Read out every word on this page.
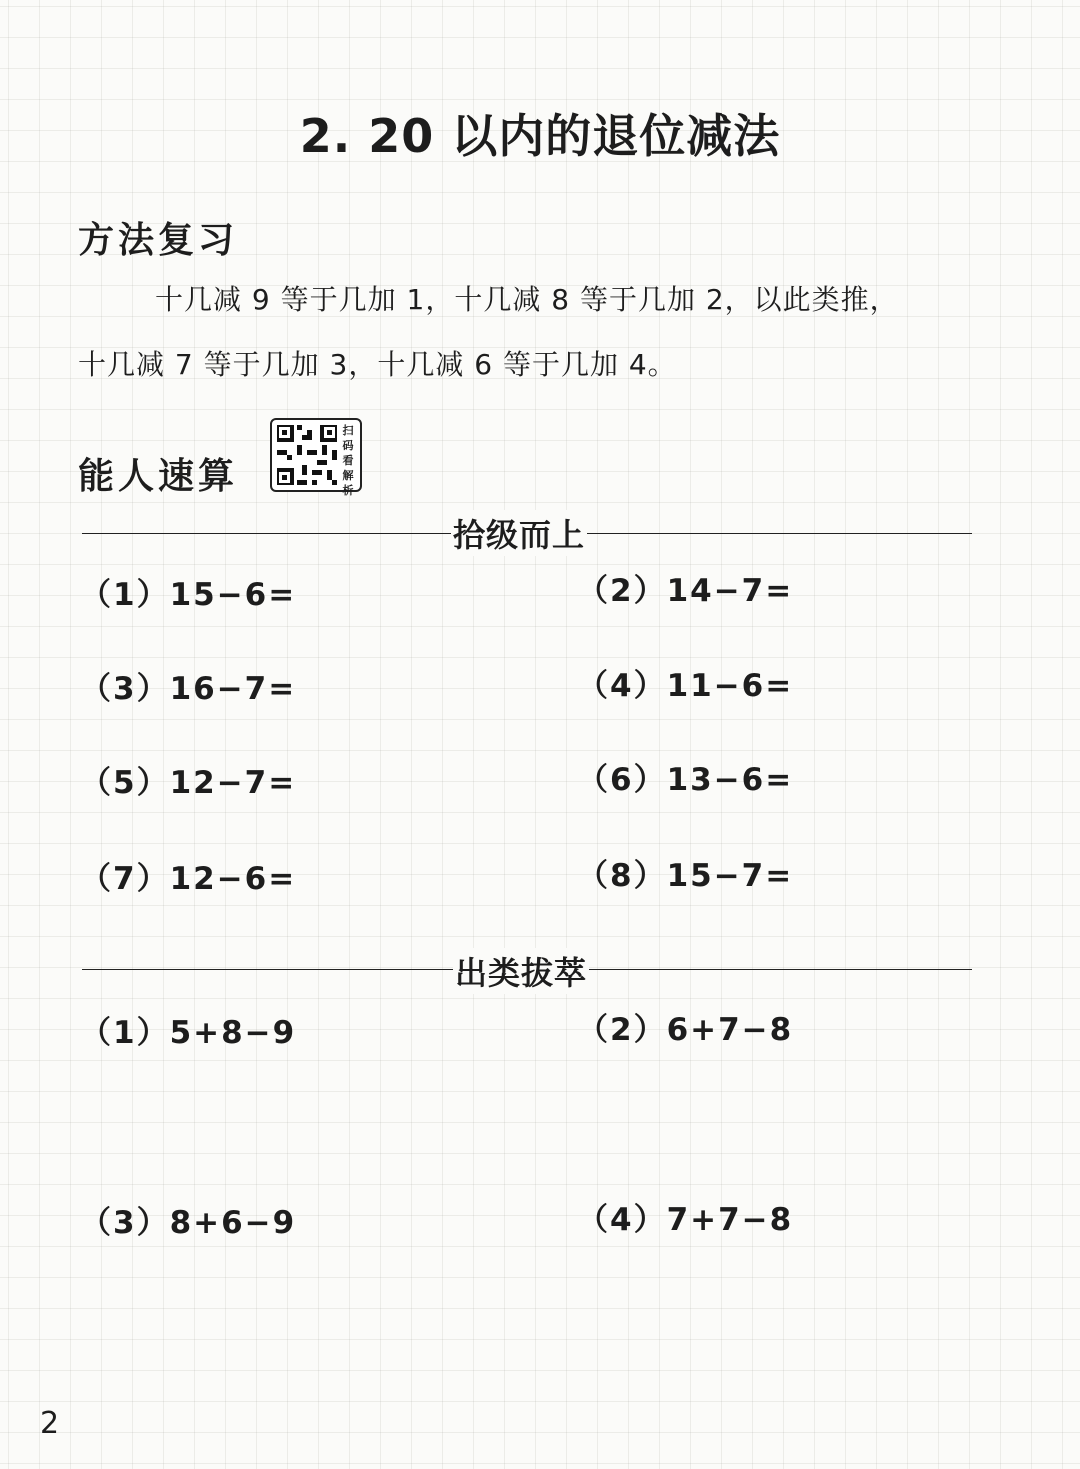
2. 20 以内的退位减法
方法复习
十几减 9 等于几加 1，十几减 8 等于几加 2，以此类推，
十几减 7 等于几加 3，十几减 6 等于几加 4。
能人速算
扫码看解析
拾级而上
（1）15−6=	（2）14−7=
（3）16−7=	（4）11−6=
（5）12−7=	（6）13−6=
（7）12−6=	（8）15−7=
出类拔萃
（1）5+8−9	（2）6+7−8
（3）8+6−9	（4）7+7−8
2
